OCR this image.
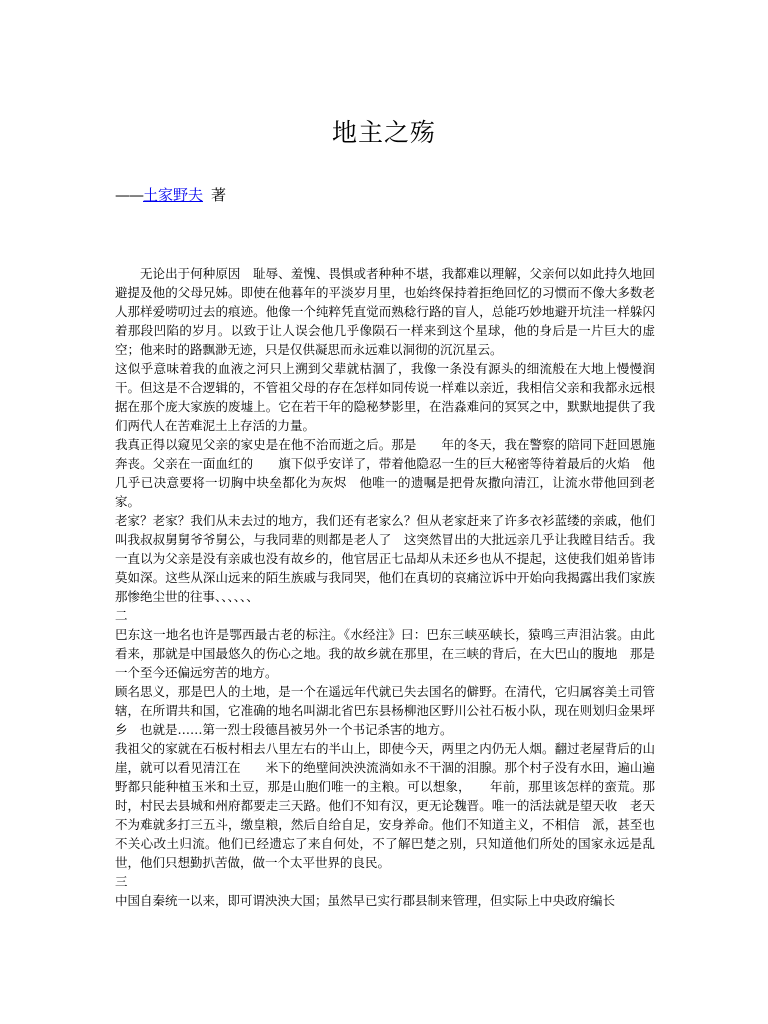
地主之殇
——土家野夫 著

无论出于何种原因　耻辱、羞愧、畏惧或者种种不堪，我都难以理解，父亲何以如此持久地回避提及他的父母兄姊。即使在他暮年的平淡岁月里，也始终保持着拒绝回忆的习惯而不像大多数老人那样爱唠叨过去的痕迹。他像一个纯粹凭直觉而熟稔行路的盲人，总能巧妙地避开坑洼一样躲闪着那段凹陷的岁月。以致于让人误会他几乎像陨石一样来到这个星球，他的身后是一片巨大的虚空；他来时的路飘渺无迹，只是仅供凝思而永远难以洞彻的沉沉星云。

这似乎意味着我的血液之河只上溯到父辈就枯涸了，我像一条没有源头的细流般在大地上慢慢润干。但这是不合逻辑的，不管祖父母的存在怎样如同传说一样难以亲近，我相信父亲和我都永远根据在那个庞大家族的废墟上。它在若干年的隐秘梦影里，在浩淼难问的冥冥之中，默默地提供了我们两代人在苦难泥土上存活的力量。

我真正得以窥见父亲的家史是在他不治而逝之后。那是　　年的冬天，我在警察的陪同下赶回恩施奔丧。父亲在一面血红的　　旗下似乎安详了，带着他隐忍一生的巨大秘密等待着最后的火焰　他几乎已决意要将一切胸中块垒都化为灰烬　他唯一的遗嘱是把骨灰撒向清江，让流水带他回到老家。

老家？老家？我们从未去过的地方，我们还有老家么？但从老家赶来了许多衣衫蓝缕的亲戚，他们叫我叔叔舅舅爷爷舅公，与我同辈的则都是老人了　这突然冒出的大批远亲几乎让我瞠目结舌。我一直以为父亲是没有亲戚也没有故乡的，他官居正七品却从未还乡也从不提起，这使我们姐弟皆讳莫如深。这些从深山远来的陌生族戚与我同哭，他们在真切的哀痛泣诉中开始向我揭露出我们家族那惨绝尘世的往事、、、、、、

二

巴东这一地名也许是鄂西最古老的标注。《水经注》曰：巴东三峡巫峡长，猿鸣三声泪沾裳。由此看来，那就是中国最悠久的伤心之地。我的故乡就在那里，在三峡的背后，在大巴山的腹地　那是一个至今还偏远穷苦的地方。

顾名思义，那是巴人的土地，是一个在遥远年代就已失去国名的僻野。在清代，它归属容美土司管辖，在所谓共和国，它准确的地名叫湖北省巴东县杨柳池区野川公社石板小队，现在则划归金果坪乡　也就是……第一烈士段德昌被另外一个书记杀害的地方。

我祖父的家就在石板村相去八里左右的半山上，即使今天，两里之内仍无人烟。翻过老屋背后的山崖，就可以看见清江在　　米下的绝壁间泱泱流淌如永不干涸的泪腺。那个村子没有水田，遍山遍野都只能种植玉米和土豆，那是山胞们唯一的主粮。可以想象，　　年前，那里该怎样的蛮荒。那时，村民去县城和州府都要走三天路。他们不知有汉，更无论魏晋。唯一的活法就是望天收　老天不为难就多打三五斗，缴皇粮，然后自给自足，安身养命。他们不知道主义，不相信　派，甚至也不关心改土归流。他们已经遗忘了来自何处，不了解巴楚之别，只知道他们所处的国家永远是乱世，他们只想勤扒苦做，做一个太平世界的良民。

三

中国自秦统一以来，即可谓泱泱大国；虽然早已实行郡县制来管理，但实际上中央政府编长
